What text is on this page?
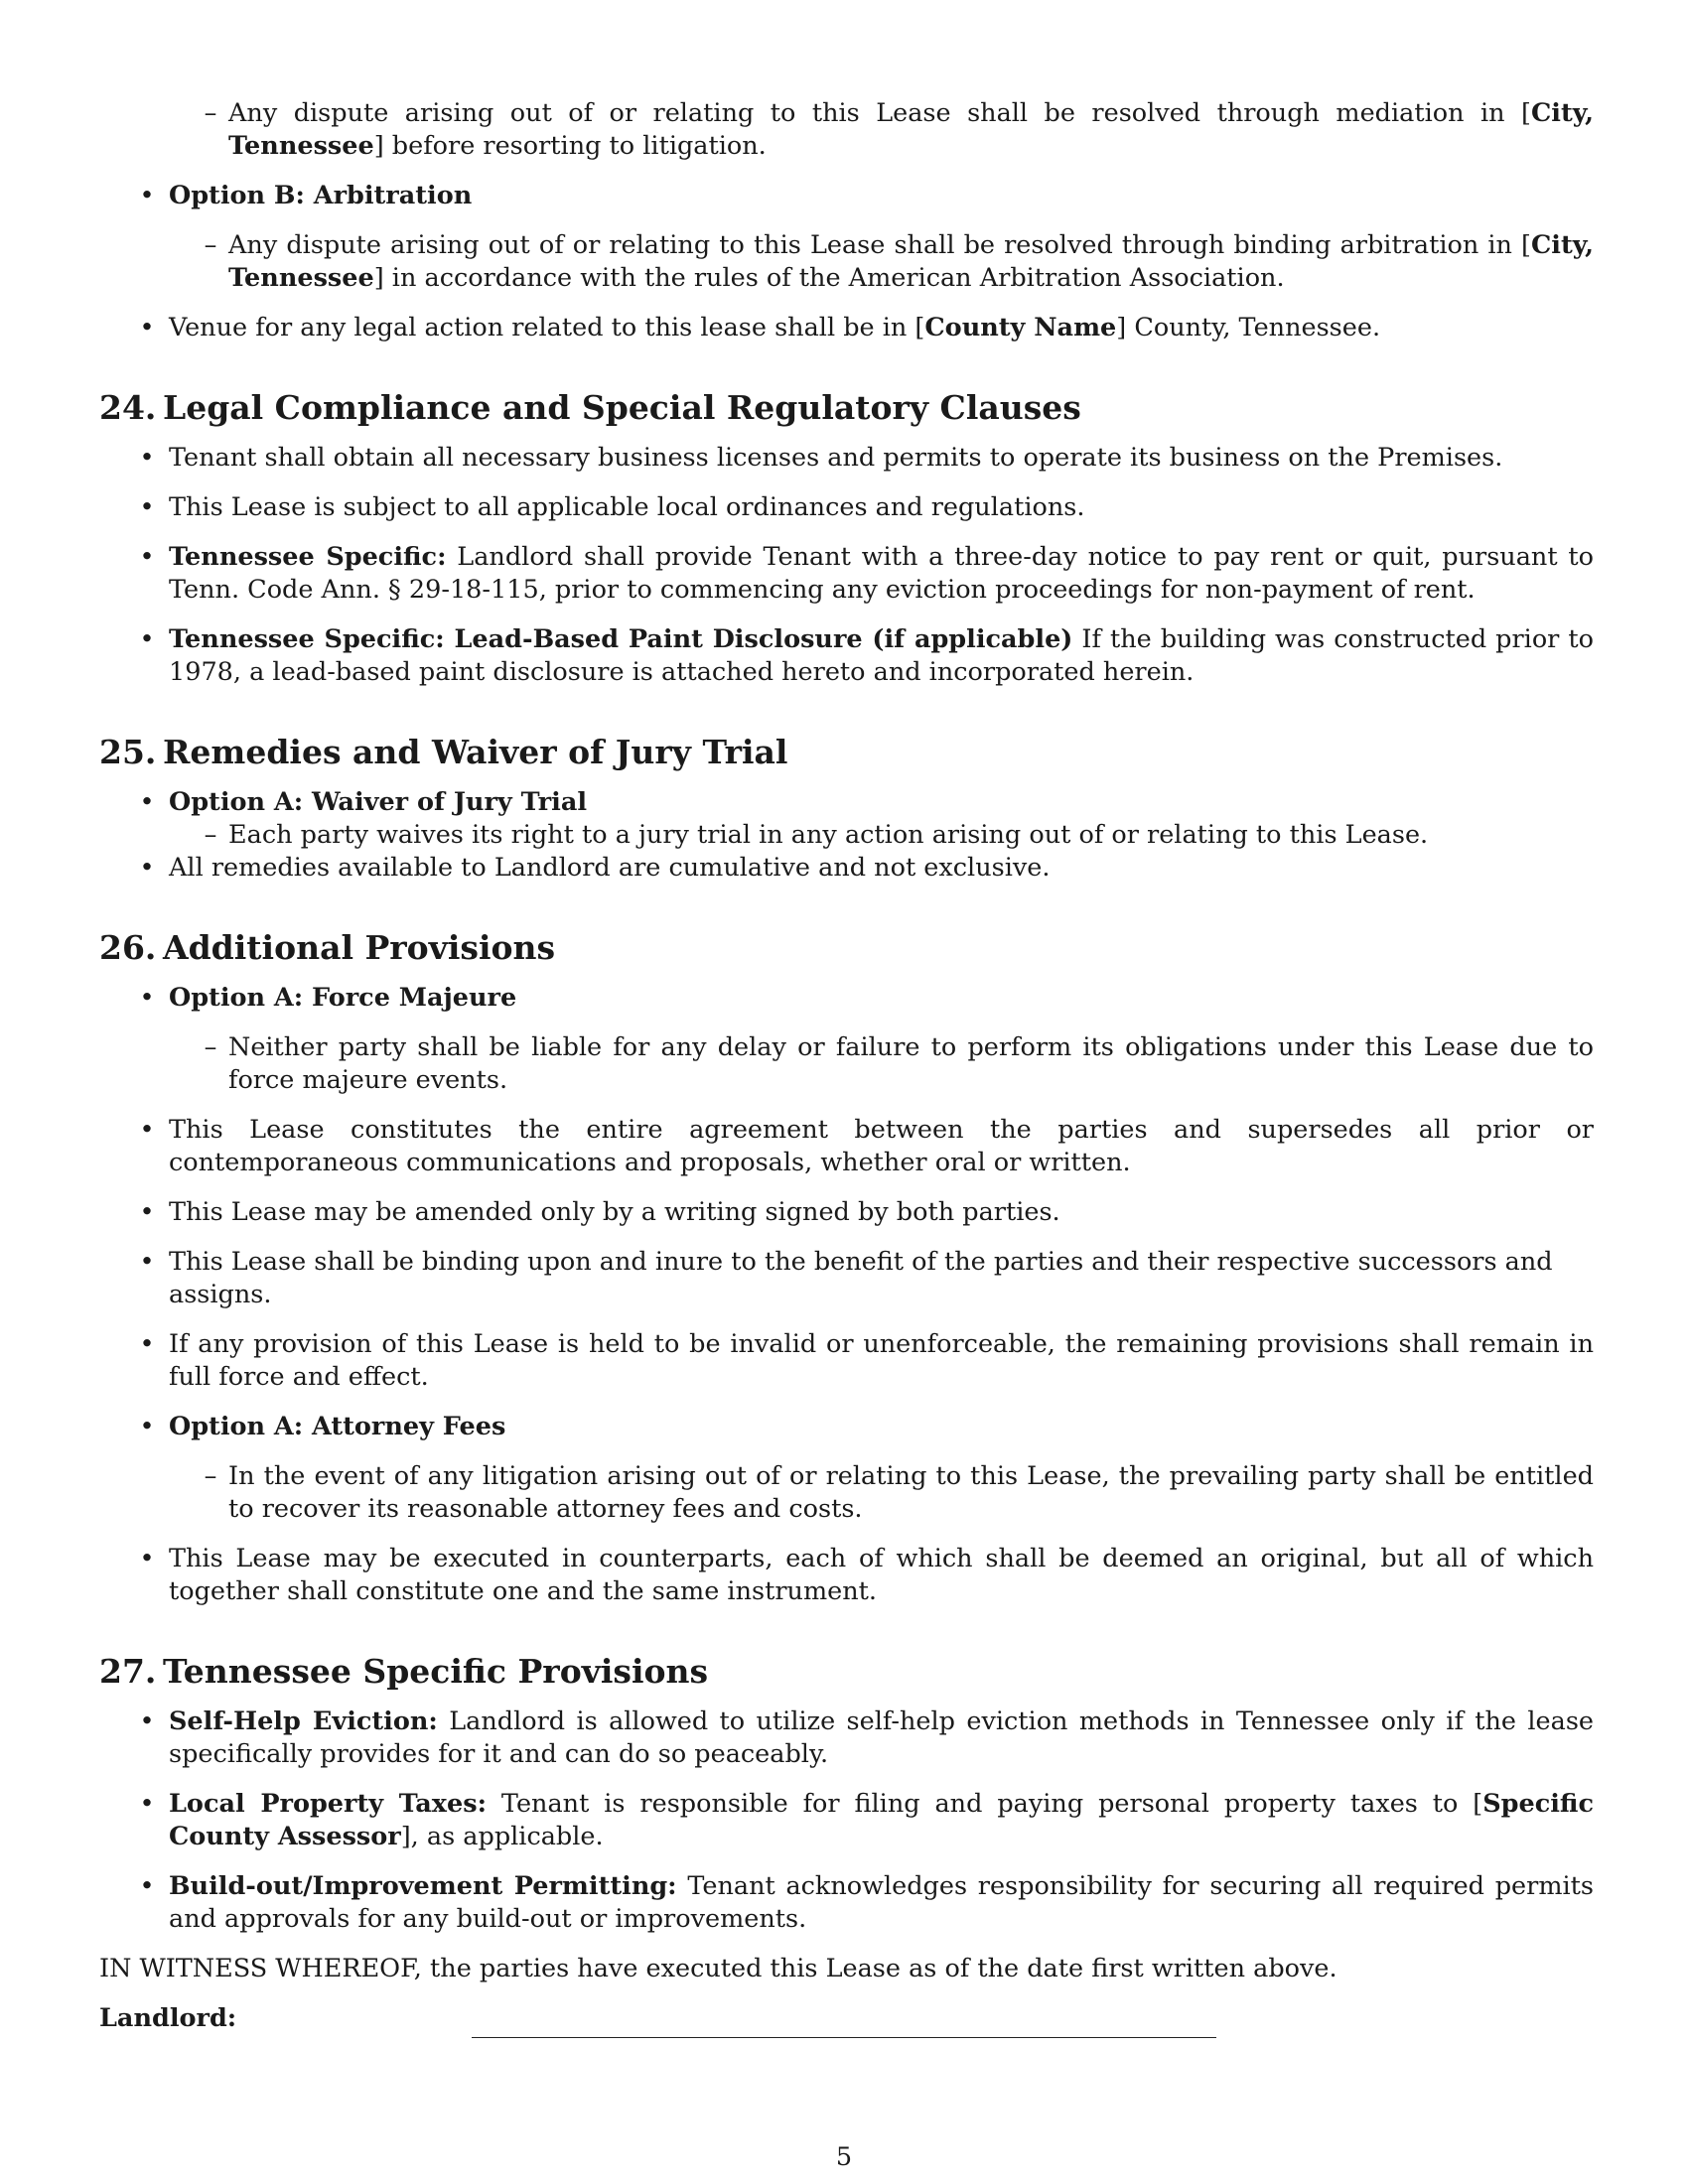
– Any dispute arising out of or relating to this Lease shall be resolved through mediation in [City, Tennessee] before resorting to litigation.
• Option B: Arbitration
– Any dispute arising out of or relating to this Lease shall be resolved through binding arbitration in [City, Tennessee] in accordance with the rules of the American Arbitration Association.
• Venue for any legal action related to this lease shall be in [County Name] County, Tennessee.
24. Legal Compliance and Special Regulatory Clauses
• Tenant shall obtain all necessary business licenses and permits to operate its business on the Premises.
• This Lease is subject to all applicable local ordinances and regulations.
• Tennessee Specific: Landlord shall provide Tenant with a three-day notice to pay rent or quit, pursuant to Tenn. Code Ann. § 29-18-115, prior to commencing any eviction proceedings for non-payment of rent.
• Tennessee Specific: Lead-Based Paint Disclosure (if applicable) If the building was constructed prior to 1978, a lead-based paint disclosure is attached hereto and incorporated herein.
25. Remedies and Waiver of Jury Trial
• Option A: Waiver of Jury Trial
– Each party waives its right to a jury trial in any action arising out of or relating to this Lease.
• All remedies available to Landlord are cumulative and not exclusive.
26. Additional Provisions
• Option A: Force Majeure
– Neither party shall be liable for any delay or failure to perform its obligations under this Lease due to force majeure events.
• This Lease constitutes the entire agreement between the parties and supersedes all prior or contemporaneous communications and proposals, whether oral or written.
• This Lease may be amended only by a writing signed by both parties.
• This Lease shall be binding upon and inure to the benefit of the parties and their respective successors and assigns.
• If any provision of this Lease is held to be invalid or unenforceable, the remaining provisions shall remain in full force and effect.
• Option A: Attorney Fees
– In the event of any litigation arising out of or relating to this Lease, the prevailing party shall be entitled to recover its reasonable attorney fees and costs.
• This Lease may be executed in counterparts, each of which shall be deemed an original, but all of which together shall constitute one and the same instrument.
27. Tennessee Specific Provisions
• Self-Help Eviction: Landlord is allowed to utilize self-help eviction methods in Tennessee only if the lease specifically provides for it and can do so peaceably.
• Local Property Taxes: Tenant is responsible for filing and paying personal property taxes to [Specific County Assessor], as applicable.
• Build-out/Improvement Permitting: Tenant acknowledges responsibility for securing all required permits and approvals for any build-out or improvements.
IN WITNESS WHEREOF, the parties have executed this Lease as of the date first written above.
Landlord:
5
